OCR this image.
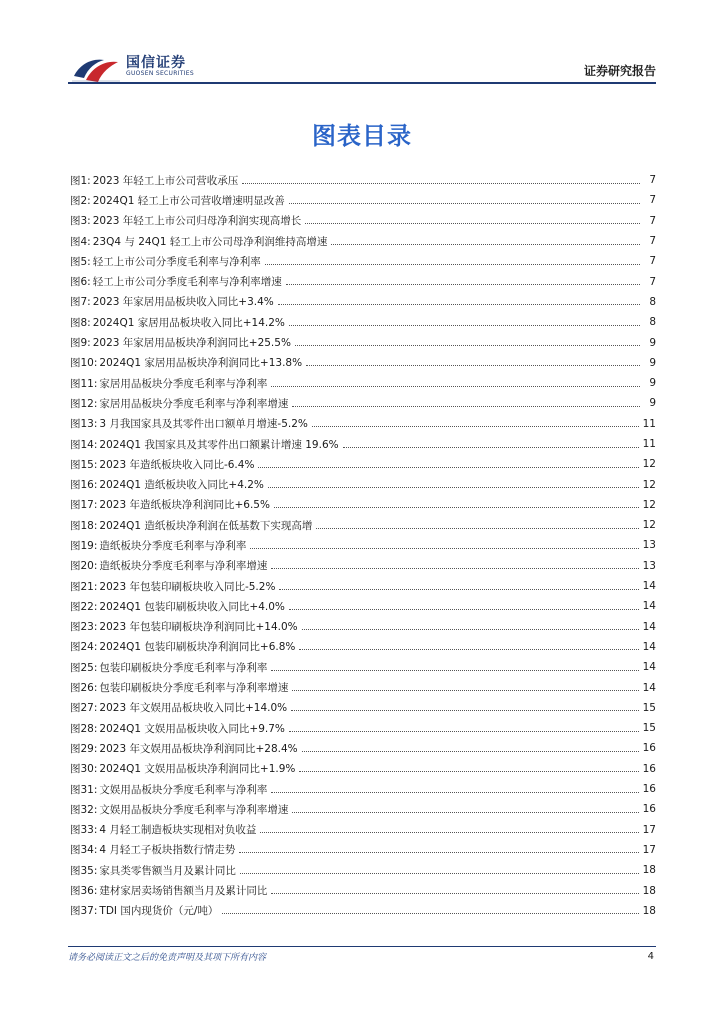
国信证券
GUOSEN SECURITIES	证券研究报告
图表目录
图1: 2023 年轻工上市公司营收承压	7
图2: 2024Q1 轻工上市公司营收增速明显改善	7
图3: 2023 年轻工上市公司归母净利润实现高增长	7
图4: 23Q4 与 24Q1 轻工上市公司母净利润维持高增速	7
图5: 轻工上市公司分季度毛利率与净利率	7
图6: 轻工上市公司分季度毛利率与净利率增速	7
图7: 2023 年家居用品板块收入同比+3.4%	8
图8: 2024Q1 家居用品板块收入同比+14.2%	8
图9: 2023 年家居用品板块净利润同比+25.5%	9
图10: 2024Q1 家居用品板块净利润同比+13.8%	9
图11: 家居用品板块分季度毛利率与净利率	9
图12: 家居用品板块分季度毛利率与净利率增速	9
图13: 3 月我国家具及其零件出口额单月增速-5.2%	11
图14: 2024Q1 我国家具及其零件出口额累计增速 19.6%	11
图15: 2023 年造纸板块收入同比-6.4%	12
图16: 2024Q1 造纸板块收入同比+4.2%	12
图17: 2023 年造纸板块净利润同比+6.5%	12
图18: 2024Q1 造纸板块净利润在低基数下实现高增	12
图19: 造纸板块分季度毛利率与净利率	13
图20: 造纸板块分季度毛利率与净利率增速	13
图21: 2023 年包装印刷板块收入同比-5.2%	14
图22: 2024Q1 包装印刷板块收入同比+4.0%	14
图23: 2023 年包装印刷板块净利润同比+14.0%	14
图24: 2024Q1 包装印刷板块净利润同比+6.8%	14
图25: 包装印刷板块分季度毛利率与净利率	14
图26: 包装印刷板块分季度毛利率与净利率增速	14
图27: 2023 年文娱用品板块收入同比+14.0%	15
图28: 2024Q1 文娱用品板块收入同比+9.7%	15
图29: 2023 年文娱用品板块净利润同比+28.4%	16
图30: 2024Q1 文娱用品板块净利润同比+1.9%	16
图31: 文娱用品板块分季度毛利率与净利率	16
图32: 文娱用品板块分季度毛利率与净利率增速	16
图33: 4 月轻工制造板块实现相对负收益	17
图34: 4 月轻工子板块指数行情走势	17
图35: 家具类零售额当月及累计同比	18
图36: 建材家居卖场销售额当月及累计同比	18
图37: TDI 国内现货价（元/吨）	18
请务必阅读正文之后的免责声明及其项下所有内容	4
